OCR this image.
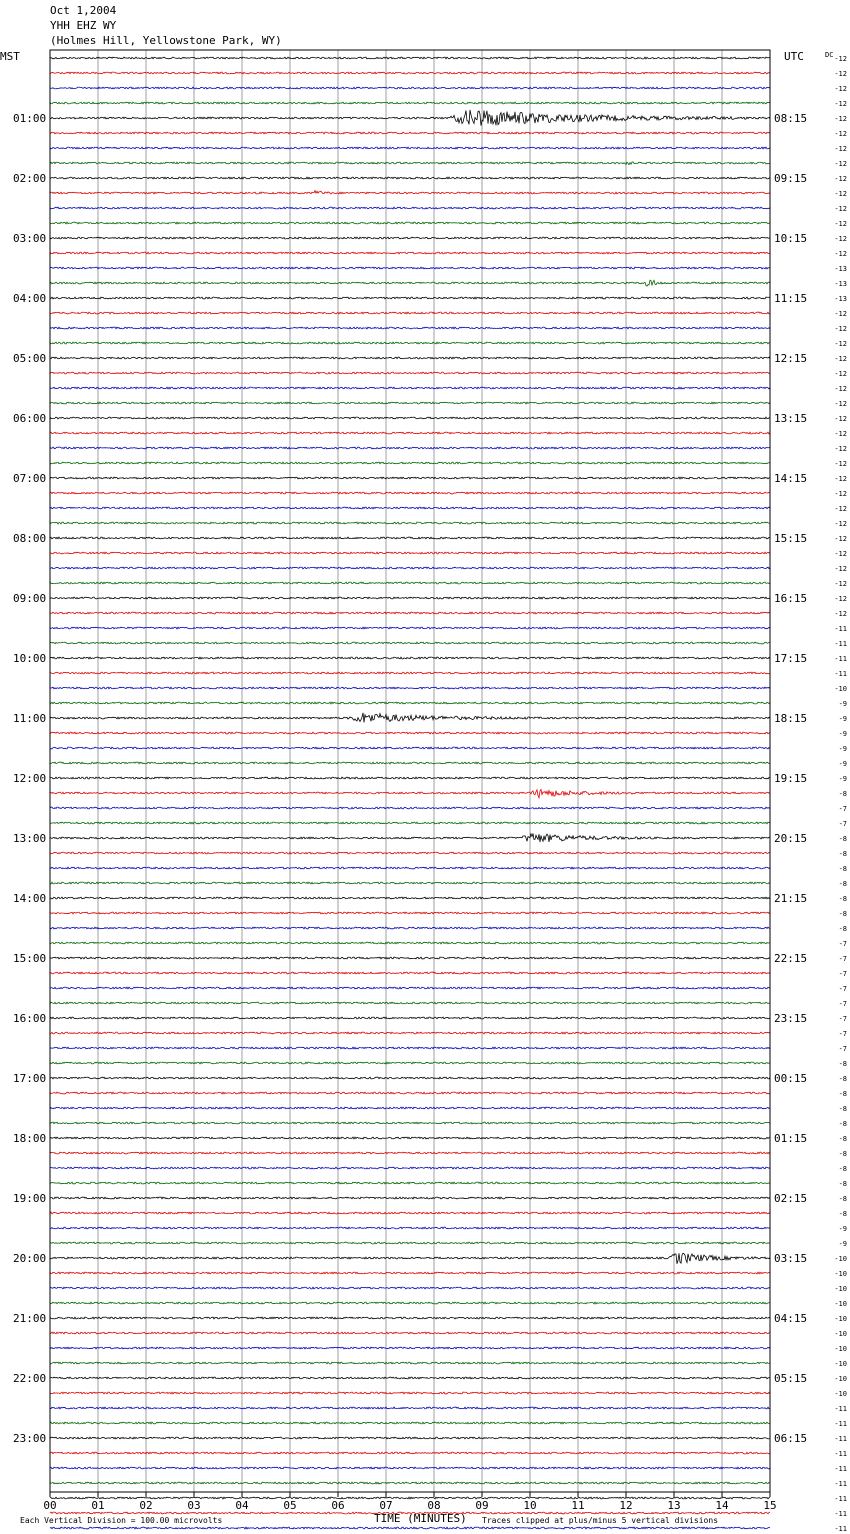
Oct 1,2004
YHH EHZ WY
(Holmes Hill, Yellowstone Park, WY)
00	01	02	03	04	05	06	07	08	09	10	11	12	13	14	15
-12
-12
-12
-12
-12
-12
-12
-12
-12
-12
-12
-12
-12
-12
-13
-13
-13
-12
-12
-12
-12
-12
-12
-12
-12
-12
-12
-12
-12
-12
-12
-12
-12
-12
-12
-12
-12
-12
-11
-11
-11
-11
-10
-9
-9
-9
-9
-9
-9
-8
-7
-7
-8
-8
-8
-8
-8
-8
-8
-7
-7
-7
-7
-7
-7
-7
-7
-8
-8
-8
-8
-8
-8
-8
-8
-8
-8
-8
-9
-9
-10
-10
-10
-10
-10
-10
-10
-10
-10
-10
-11
-11
-11
-11
-11
-11
-11
-11
-11
01:00	08:15
02:00	09:15
03:00	10:15
04:00	11:15
05:00	12:15
06:00	13:15
07:00	14:15
08:00	15:15
09:00	16:15
10:00	17:15
11:00	18:15
12:00	19:15
13:00	20:15
14:00	21:15
15:00	22:15
16:00	23:15
17:00	00:15
18:00	01:15
19:00	02:15
20:00	03:15
21:00	04:15
22:00	05:15
23:00	06:15
MST	UTC	DC
Each Vertical Division = 100.00 microvolts	TIME (MINUTES) Traces clipped at plus/minus 5 vertical divisions
